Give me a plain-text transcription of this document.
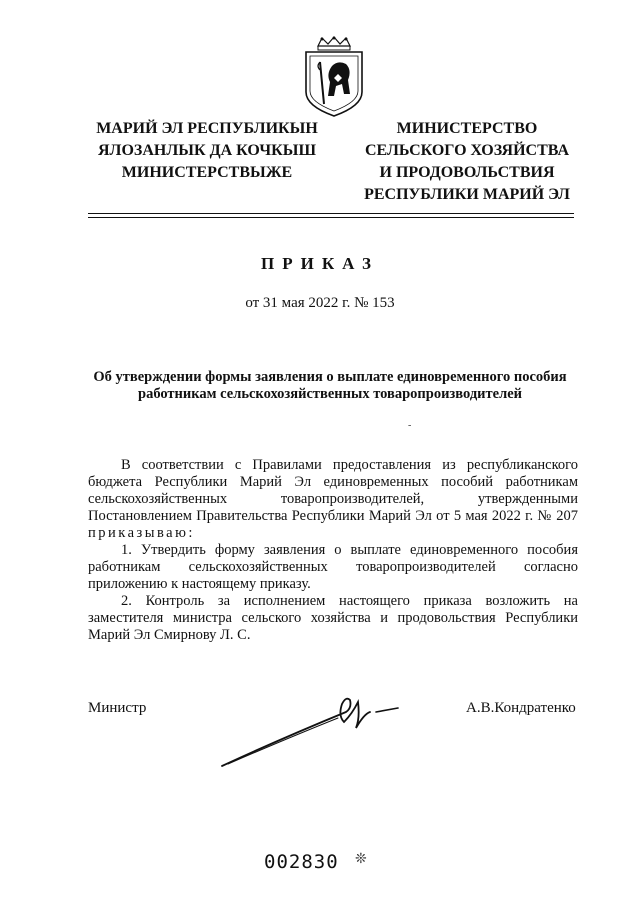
МАРИЙ ЭЛ РЕСПУБЛИКЫН

ЯЛОЗАНЛЫК ДА КОЧКЫШ

МИНИСТЕРСТВЫЖЕ

МИНИСТЕРСТВО

СЕЛЬСКОГО ХОЗЯЙСТВА

И ПРОДОВОЛЬСТВИЯ

РЕСПУБЛИКИ МАРИЙ ЭЛ

ПРИКАЗ
от 31 мая 2022 г. № 153
Об утверждении формы заявления о выплате единовременного пособия работникам сельскохозяйственных товаропроизводителей
-

В соответствии с Правилами предоставления из республиканского бюджета Республики Марий Эл единовременных пособий работникам сельскохозяйственных товаропроизводителей, утвержденными Постановлением Правительства Республики Марий Эл от 5 мая 2022 г. № 207 приказываю:

1. Утвердить форму заявления о выплате единовременного пособия работникам сельскохозяйственных товаропроизводителей согласно приложению к настоящему приказу.

2. Контроль за исполнением настоящего приказа возложить на заместителя министра сельского хозяйства и продовольствия Республики Марий Эл Смирнову Л. С.

Министр	А.В.Кондратенко
002830 ❊
